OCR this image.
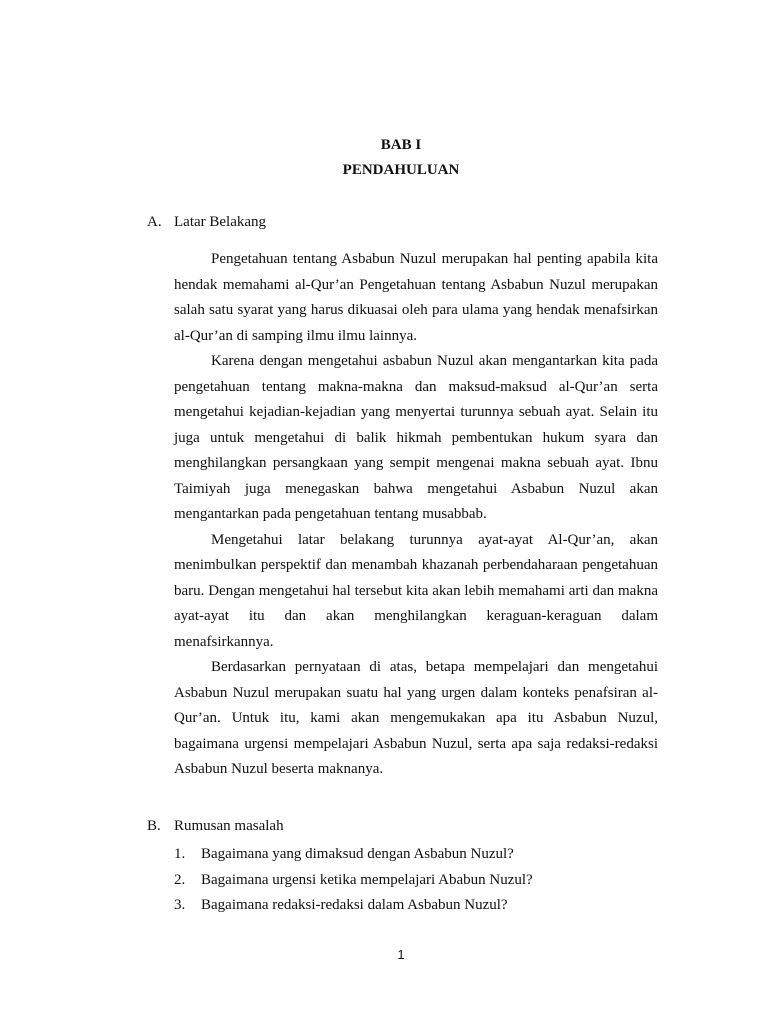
BAB I
PENDAHULUAN
A. Latar Belakang

Pengetahuan tentang Asbabun Nuzul merupakan hal penting apabila kita hendak memahami al-Qur’an Pengetahuan tentang Asbabun Nuzul merupakan salah satu syarat yang harus dikuasai oleh para ulama yang hendak menafsirkan al-Qur’an di samping ilmu ilmu lainnya.

Karena dengan mengetahui asbabun Nuzul akan mengantarkan kita pada pengetahuan tentang makna-makna dan maksud-maksud al-Qur’an serta mengetahui kejadian-kejadian yang menyertai turunnya sebuah ayat. Selain itu juga untuk mengetahui di balik hikmah pembentukan hukum syara dan menghilangkan persangkaan yang sempit mengenai makna sebuah ayat. Ibnu Taimiyah juga menegaskan bahwa mengetahui Asbabun Nuzul akan mengantarkan pada pengetahuan tentang musabbab.

Mengetahui latar belakang turunnya ayat-ayat Al-Qur’an, akan menimbulkan perspektif dan menambah khazanah perbendaharaan pengetahuan baru. Dengan mengetahui hal tersebut kita akan lebih memahami arti dan makna ayat-ayat itu dan akan menghilangkan keraguan-keraguan dalam menafsirkannya.

Berdasarkan pernyataan di atas, betapa mempelajari dan mengetahui Asbabun Nuzul merupakan suatu hal yang urgen dalam konteks penafsiran al-Qur’an. Untuk itu, kami akan mengemukakan apa itu Asbabun Nuzul, bagaimana urgensi mempelajari Asbabun Nuzul, serta apa saja redaksi-redaksi Asbabun Nuzul beserta maknanya.

B. Rumusan masalah
1. Bagaimana yang dimaksud dengan Asbabun Nuzul?
2. Bagaimana urgensi ketika mempelajari Ababun Nuzul?
3. Bagaimana redaksi-redaksi dalam Asbabun Nuzul?
1
